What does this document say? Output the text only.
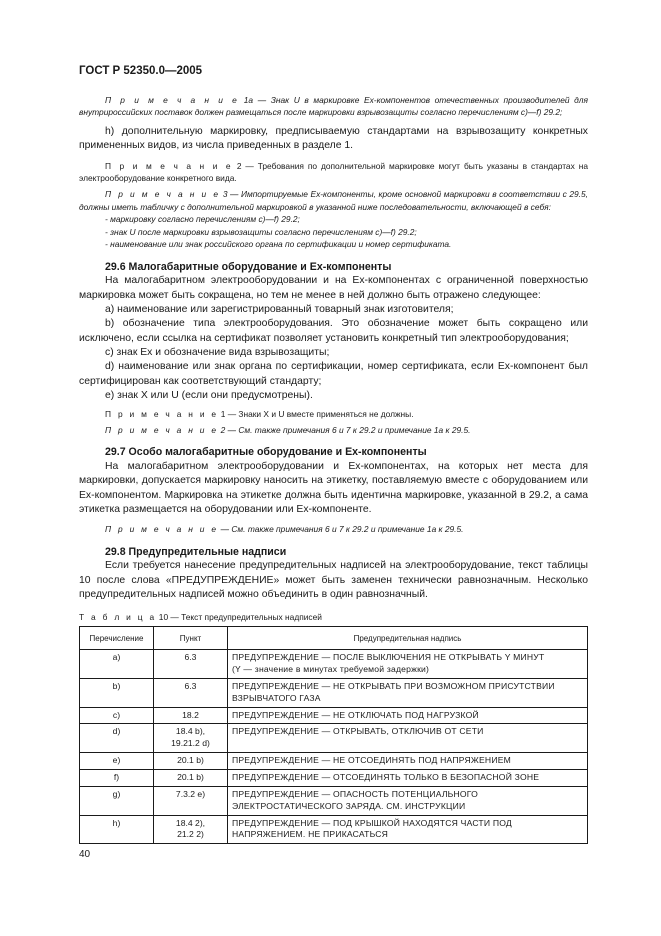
ГОСТ Р 52350.0—2005

П р и м е ч а н и е 1а — Знак U в маркировке Ех-компонентов отечественных производителей для внутрироссийских поставок должен размещаться после маркировки взрывозащиты согласно перечислениям с)—f) 29.2;

h) дополнительную маркировку, предписываемую стандартами на взрывозащиту конкретных примененных видов, из числа приведенных в разделе 1.

П р и м е ч а н и е 2 — Требования по дополнительной маркировке могут быть указаны в стандартах на электрооборудование конкретного вида.

П р и м е ч а н и е 3 — Импортируемые Ех-компоненты, кроме основной маркировки в соответствии с 29.5, должны иметь табличку с дополнительной маркировкой в указанной ниже последовательности, включающей в себя:

- маркировку согласно перечислениям с)—f) 29.2;
- знак U после маркировки взрывозащиты согласно перечислениям с)—f) 29.2;
- наименование или знак российского органа по сертификации и номер сертификата.

29.6 Малогабаритные оборудование и Ех-компоненты

На малогабаритном электрооборудовании и на Ех-компонентах с ограниченной поверхностью маркировка может быть сокращена, но тем не менее в ней должно быть отражено следующее:

а) наименование или зарегистрированный товарный знак изготовителя;

b) обозначение типа электрооборудования. Это обозначение может быть сокращено или исключено, если ссылка на сертификат позволяет установить конкретный тип электрооборудования;

с) знак Ех и обозначение вида взрывозащиты;

d) наименование или знак органа по сертификации, номер сертификата, если Ех-компонент был сертифицирован как соответствующий стандарту;

е) знак X или U (если они предусмотрены).

П р и м е ч а н и е 1 — Знаки X и U вместе применяться не должны.

П р и м е ч а н и е 2 — См. также примечания 6 и 7 к 29.2 и примечание 1а к 29.5.

29.7 Особо малогабаритные оборудование и Ех-компоненты

На малогабаритном электрооборудовании и Ех-компонентах, на которых нет места для маркировки, допускается маркировку наносить на этикетку, поставляемую вместе с оборудованием или Ех-компонентом. Маркировка на этикетке должна быть идентична маркировке, указанной в 29.2, а сама этикетка размещается на оборудовании или Ех-компоненте.

П р и м е ч а н и е — См. также примечания 6 и 7 к 29.2 и примечание 1а к 29.5.

29.8 Предупредительные надписи

Если требуется нанесение предупредительных надписей на электрооборудование, текст таблицы 10 после слова «ПРЕДУПРЕЖДЕНИЕ» может быть заменен технически равнозначным. Несколько предупредительных надписей можно объединить в один равнозначный.

Т а б л и ц а 10 — Текст предупредительных надписей

Перечисление	Пункт	Предупредительная надпись
a)	6.3	ПРЕДУПРЕЖДЕНИЕ — ПОСЛЕ ВЫКЛЮЧЕНИЯ НЕ ОТКРЫВАТЬ Y МИНУТ
(Y — значение в минутах требуемой задержки)
b)	6.3	ПРЕДУПРЕЖДЕНИЕ — НЕ ОТКРЫВАТЬ ПРИ ВОЗМОЖНОМ ПРИСУТСТВИИ ВЗРЫВЧАТОГО ГАЗА
c)	18.2	ПРЕДУПРЕЖДЕНИЕ — НЕ ОТКЛЮЧАТЬ ПОД НАГРУЗКОЙ
d)	18.4 b),
19.21.2 d)	ПРЕДУПРЕЖДЕНИЕ — ОТКРЫВАТЬ, ОТКЛЮЧИВ ОТ СЕТИ
e)	20.1 b)	ПРЕДУПРЕЖДЕНИЕ — НЕ ОТСОЕДИНЯТЬ ПОД НАПРЯЖЕНИЕМ
f)	20.1 b)	ПРЕДУПРЕЖДЕНИЕ — ОТСОЕДИНЯТЬ ТОЛЬКО В БЕЗОПАСНОЙ ЗОНЕ
g)	7.3.2 e)	ПРЕДУПРЕЖДЕНИЕ — ОПАСНОСТЬ ПОТЕНЦИАЛЬНОГО ЭЛЕКТРОСТАТИЧЕСКОГО ЗАРЯДА. СМ. ИНСТРУКЦИИ
h)	18.4 2),
21.2 2)	ПРЕДУПРЕЖДЕНИЕ — ПОД КРЫШКОЙ НАХОДЯТСЯ ЧАСТИ ПОД НАПРЯЖЕНИЕМ. НЕ ПРИКАСАТЬСЯ
40
